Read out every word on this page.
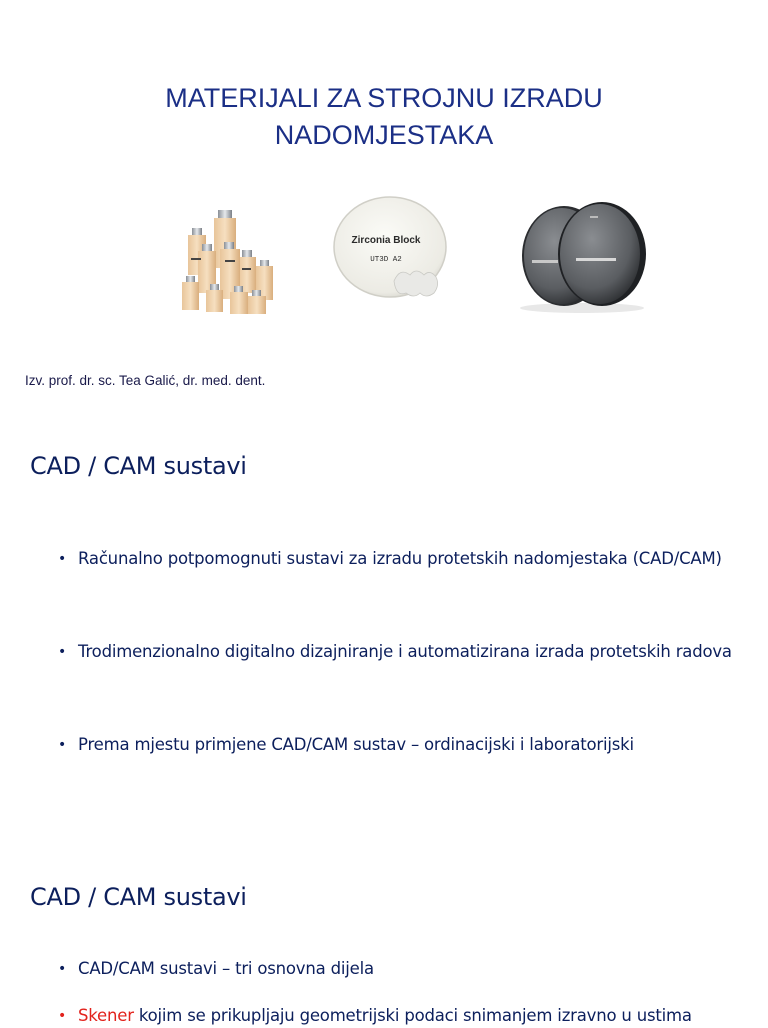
MATERIJALI ZA STROJNU IZRADU
NADOMJESTAKA
Zirconia Block
UT3D A2
Izv. prof. dr. sc. Tea Galić, dr. med. dent.
CAD / CAM sustavi
• Računalno potpomognuti sustavi za izradu protetskih nadomjestaka (CAD/CAM)
• Trodimenzionalno digitalno dizajniranje i automatizirana izrada protetskih radova
• Prema mjestu primjene CAD/CAM sustav – ordinacijski i laboratorijski
CAD / CAM sustavi
• CAD/CAM sustavi – tri osnovna dijela
• Skener kojim se prikupljaju geometrijski podaci snimanjem izravno u ustima
